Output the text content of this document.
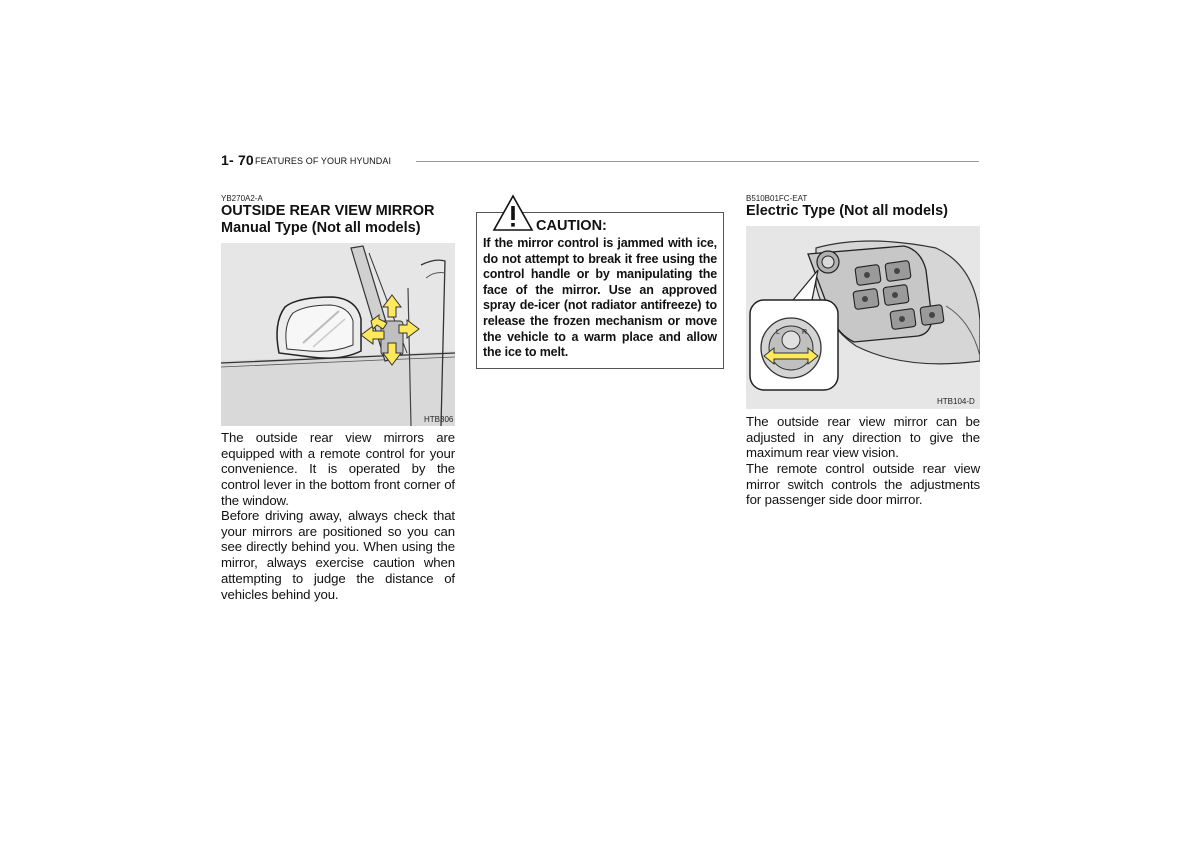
1- 70 FEATURES OF YOUR HYUNDAI
YB270A2-A
OUTSIDE REAR VIEW MIRROR
Manual Type (Not all models)
HTB306
The outside rear view mirrors are equipped with a remote control for your convenience. It is operated by the control lever in the bottom front corner of the window.
Before driving away, always check that your mirrors are positioned so you can see directly behind you. When using the mirror, always exercise caution when attempting to judge the distance of vehicles behind you.
CAUTION:
If the mirror control is jammed with ice, do not attempt to break it free using the control handle or by manipulating the face of the mirror. Use an approved spray de-icer (not radiator antifreeze) to release the frozen mechanism or move the vehicle to a warm place and allow the ice to melt.
B510B01FC-EAT
Electric Type (Not all models)
L	R
HTB104-D
The outside rear view mirror can be adjusted in any direction to give the maximum rear view vision.
The remote control outside rear view mirror switch controls the adjustments for passenger side door mirror.
